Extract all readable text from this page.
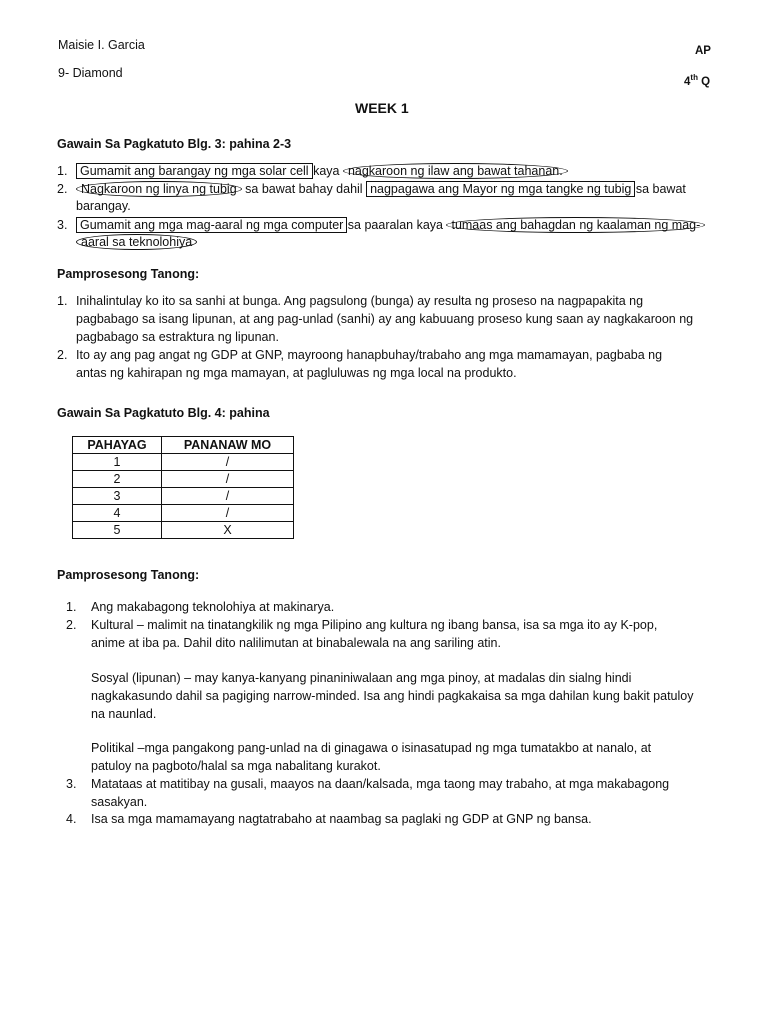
Maisie I. Garcia
9- Diamond
AP
4th Q
WEEK 1
Gawain Sa Pagkatuto Blg. 3: pahina 2-3
1.	Gumamit ang barangay ng mga solar cell kaya nagkaroon ng ilaw ang bawat tahanan.
2.	Nagkaroon ng linya ng tubig sa bawat bahay dahil nagpagawa ang Mayor ng mga tangke ng tubig sa bawat
barangay.
3.	Gumamit ang mga mag-aaral ng mga computer sa paaralan kaya tumaas ang bahagdan ng kaalaman ng mag-
aaral sa teknolohiya
Pamprosesong Tanong:
1. Inihalintulay ko ito sa sanhi at bunga. Ang pagsulong (bunga) ay resulta ng proseso na nagpapakita ng
pagbabago sa isang lipunan, at ang pag-unlad (sanhi) ay ang kabuuang proseso kung saan ay nagkakaroon ng
pagbabago sa estraktura ng lipunan.
2. Ito ay ang pag angat ng GDP at GNP, mayroong hanapbuhay/trabaho ang mga mamamayan, pagbaba ng
antas ng kahirapan ng mga mamayan, at pagluluwas ng mga local na produkto.
Gawain Sa Pagkatuto Blg. 4: pahina
PAHAYAG	PANANAW MO
1	/
2	/
3	/
4	/
5	X
Pamprosesong Tanong:
1. Ang makabagong teknolohiya at makinarya.
2. Kultural – malimit na tinatangkilik ng mga Pilipino ang kultura ng ibang bansa, isa sa mga ito ay K-pop,
anime at iba pa. Dahil dito nalilimutan at binabalewala na ang sariling atin.
Sosyal (lipunan) – may kanya-kanyang pinaniniwalaan ang mga pinoy, at madalas din sialng hindi
nagkakasundo dahil sa pagiging narrow-minded. Isa ang hindi pagkakaisa sa mga dahilan kung bakit patuloy
na naunlad.
Politikal –mga pangakong pang-unlad na di ginagawa o isinasatupad ng mga tumatakbo at nanalo, at
patuloy na pagboto/halal sa mga nabalitang kurakot.
3. Matataas at matitibay na gusali, maayos na daan/kalsada, mga taong may trabaho, at mga makabagong
sasakyan.
4. Isa sa mga mamamayang nagtatrabaho at naambag sa paglaki ng GDP at GNP ng bansa.
